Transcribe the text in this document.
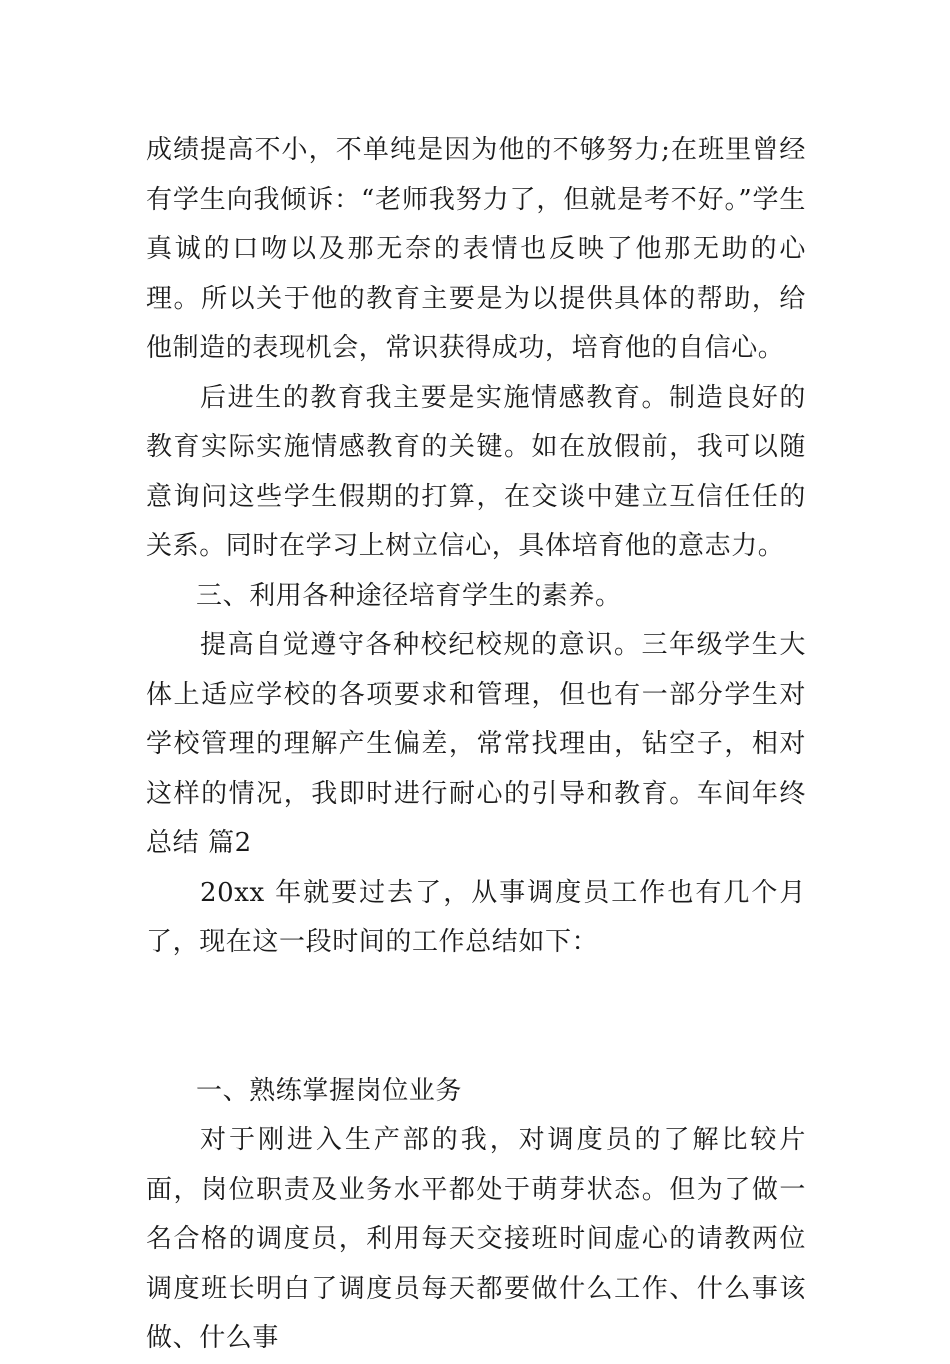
成绩提高不小，不单纯是因为他的不够努力;在班里曾经有学生向我倾诉：“老师我努力了，但就是考不好。”学生真诚的口吻以及那无奈的表情也反映了他那无助的心理。所以关于他的教育主要是为以提供具体的帮助，给他制造的表现机会，常识获得成功，培育他的自信心。

后进生的教育我主要是实施情感教育。制造良好的教育实际实施情感教育的关键。如在放假前，我可以随意询问这些学生假期的打算，在交谈中建立互信任任的关系。同时在学习上树立信心，具体培育他的意志力。

三、利用各种途径培育学生的素养。

提高自觉遵守各种校纪校规的意识。三年级学生大体上适应学校的各项要求和管理，但也有一部分学生对学校管理的理解产生偏差，常常找理由，钻空子，相对这样的情况，我即时进行耐心的引导和教育。车间年终总结 篇2

20xx 年就要过去了，从事调度员工作也有几个月了，现在这一段时间的工作总结如下：

一、熟练掌握岗位业务

对于刚进入生产部的我，对调度员的了解比较片面，岗位职责及业务水平都处于萌芽状态。但为了做一名合格的调度员，利用每天交接班时间虚心的请教两位调度班长明白了调度员每天都要做什么工作、什么事该做、什么事
